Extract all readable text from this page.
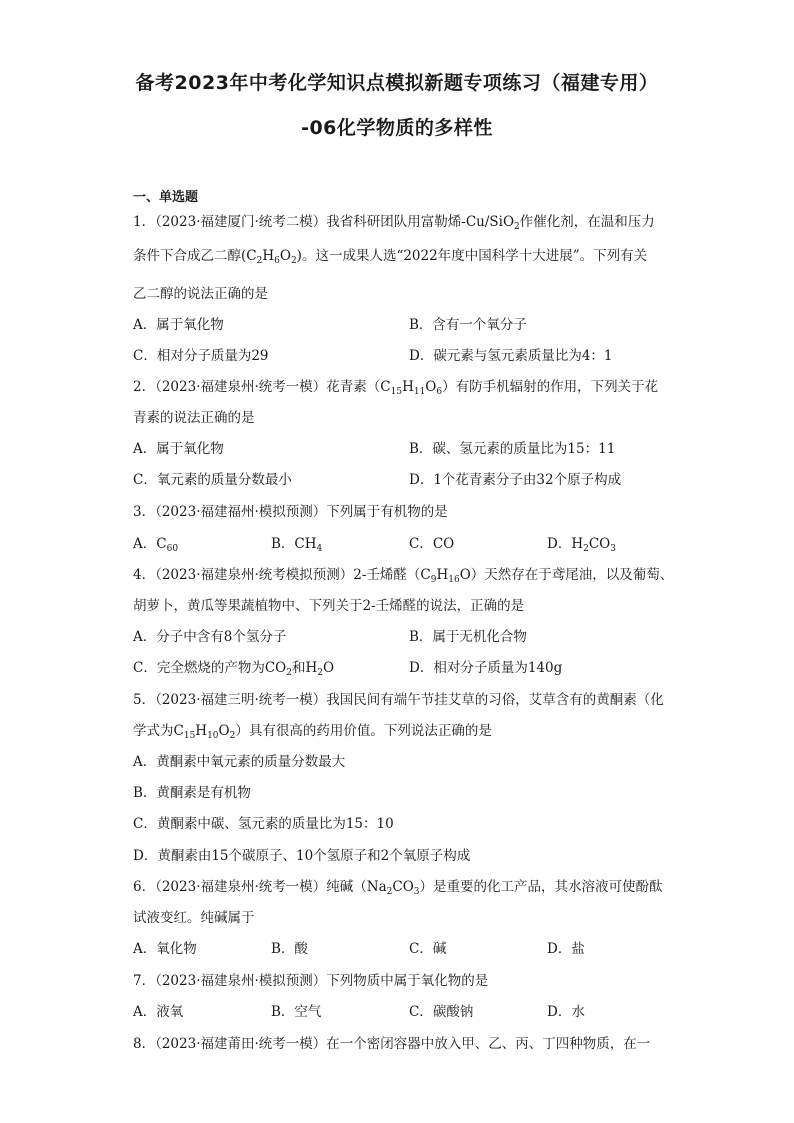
备考2023年中考化学知识点模拟新题专项练习（福建专用）
-06化学物质的多样性
一、单选题
1．（2023·福建厦门·统考二模）我省科研团队用富勒烯-Cu/SiO$_2$作催化剂，在温和压力
条件下合成乙二醇$(C_2H_6O_2)$。这一成果人选“2022年度中国科学十大进展”。下列有关
乙二醇的说法正确的是
A．属于氧化物	B．含有一个氧分子
C．相对分子质量为29	D．碳元素与氢元素质量比为4：1
2．（2023·福建泉州·统考一模）花青素$(C_{15}H_{11}O_6)$有防手机辐射的作用，下列关于花
青素的说法正确的是
A．属于氧化物	B．碳、氢元素的质量比为15：11
C．氧元素的质量分数最小	D．1个花青素分子由32个原子构成
3．（2023·福建福州·模拟预测）下列属于有机物的是
A．$C_{60}$	B．$CH_4$	C．CO	D．$H_2CO_3$
4．（2023·福建泉州·统考模拟预测）2-壬烯醛$(C_9H_{16}O)$天然存在于鸢尾油，以及葡萄、
胡萝卜，黄瓜等果蔬植物中、下列关于2-壬烯醛的说法，正确的是
A．分子中含有8个氢分子	B．属于无机化合物
C．完全燃烧的产物为$CO_2$和$H_2O$	D．相对分子质量为140g
5．（2023·福建三明·统考一模）我国民间有端午节挂艾草的习俗，艾草含有的黄酮素（化
学式为$C_{15}H_{10}O_2$）具有很高的药用价值。下列说法正确的是
A．黄酮素中氧元素的质量分数最大
B．黄酮素是有机物
C．黄酮素中碳、氢元素的质量比为15：10
D．黄酮素由15个碳原子、10个氢原子和2个氧原子构成
6．（2023·福建泉州·统考一模）纯碱$(Na_2CO_3)$是重要的化工产品，其水溶液可使酚酞
试液变红。纯碱属于
A．氧化物	B．酸	C．碱	D．盐
7．（2023·福建泉州·模拟预测）下列物质中属于氧化物的是
A．液氧	B．空气	C．碳酸钠	D．水
8．（2023·福建莆田·统考一模）在一个密闭容器中放入甲、乙、丙、丁四种物质，在一
